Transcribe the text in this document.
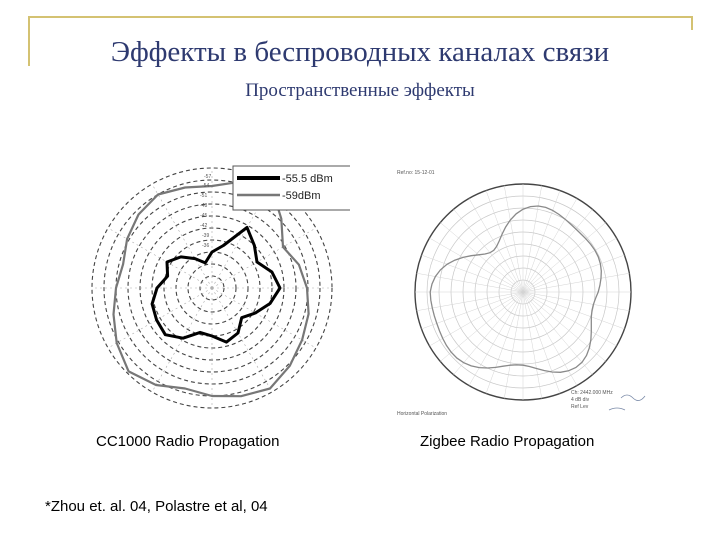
Эффекты в беспроводных каналах связи
Пространственные эффекты
-57
-54
-51
-48
-45
-42
-39
-36
-55.5 dBm
-59dBm
Ref.no: 15-12-01
Horizontal Polarization
Ch: 2442.000 MHz
4 dB div
Ref Lev
CC1000 Radio Propagation	Zigbee Radio Propagation
*Zhou et. al. 04, Polastre et al, 04
